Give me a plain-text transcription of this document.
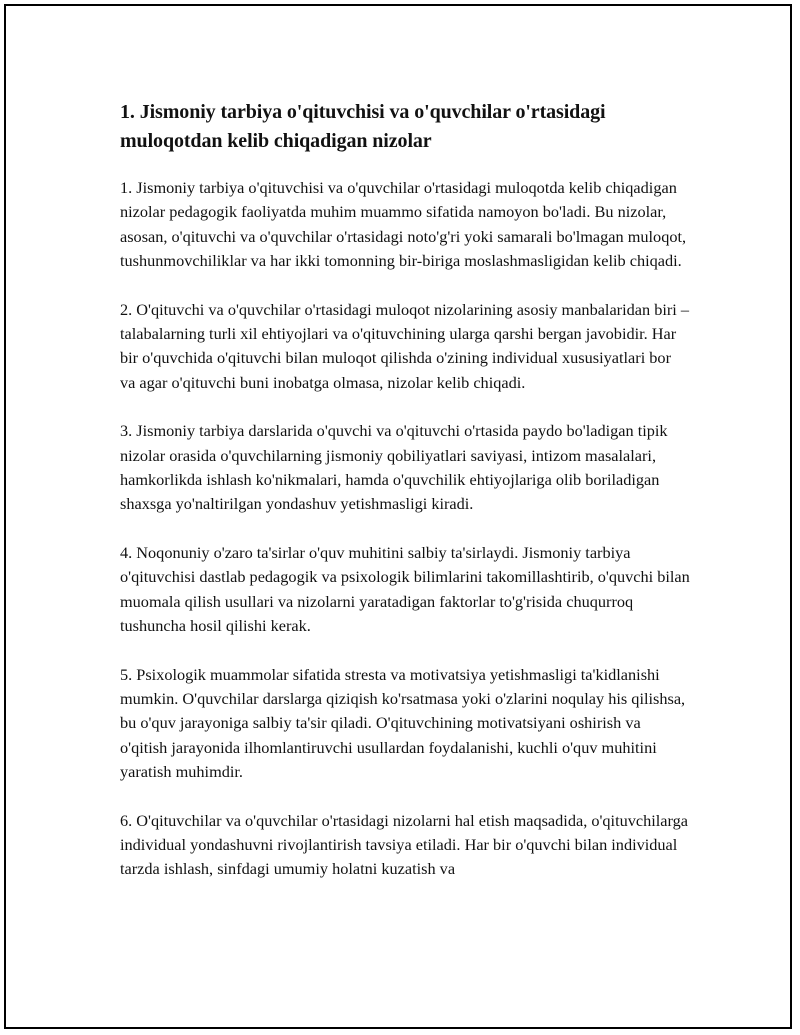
1. Jismoniy tarbiya o'qituvchisi va o'quvchilar o'rtasidagi muloqotdan kelib chiqadigan nizolar

1. Jismoniy tarbiya o'qituvchisi va o'quvchilar o'rtasidagi muloqotda kelib chiqadigan nizolar pedagogik faoliyatda muhim muammo sifatida namoyon bo'ladi. Bu nizolar, asosan, o'qituvchi va o'quvchilar o'rtasidagi noto'g'ri yoki samarali bo'lmagan muloqot, tushunmovchiliklar va har ikki tomonning bir-biriga moslashmasligidan kelib chiqadi.

2. O'qituvchi va o'quvchilar o'rtasidagi muloqot nizolarining asosiy manbalaridan biri – talabalarning turli xil ehtiyojlari va o'qituvchining ularga qarshi bergan javobidir. Har bir o'quvchida o'qituvchi bilan muloqot qilishda o'zining individual xususiyatlari bor va agar o'qituvchi buni inobatga olmasa, nizolar kelib chiqadi.

3. Jismoniy tarbiya darslarida o'quvchi va o'qituvchi o'rtasida paydo bo'ladigan tipik nizolar orasida o'quvchilarning jismoniy qobiliyatlari saviyasi, intizom masalalari, hamkorlikda ishlash ko'nikmalari, hamda o'quvchilik ehtiyojlariga olib boriladigan shaxsga yo'naltirilgan yondashuv yetishmasligi kiradi.

4. Noqonuniy o'zaro ta'sirlar o'quv muhitini salbiy ta'sirlaydi. Jismoniy tarbiya o'qituvchisi dastlab pedagogik va psixologik bilimlarini takomillashtirib, o'quvchi bilan muomala qilish usullari va nizolarni yaratadigan faktorlar to'g'risida chuqurroq tushuncha hosil qilishi kerak.

5. Psixologik muammolar sifatida stresta va motivatsiya yetishmasligi ta'kidlanishi mumkin. O'quvchilar darslarga qiziqish ko'rsatmasa yoki o'zlarini noqulay his qilishsa, bu o'quv jarayoniga salbiy ta'sir qiladi. O'qituvchining motivatsiyani oshirish va o'qitish jarayonida ilhomlantiruvchi usullardan foydalanishi, kuchli o'quv muhitini yaratish muhimdir.

6. O'qituvchilar va o'quvchilar o'rtasidagi nizolarni hal etish maqsadida, o'qituvchilarga individual yondashuvni rivojlantirish tavsiya etiladi. Har bir o'quvchi bilan individual tarzda ishlash, sinfdagi umumiy holatni kuzatish va
